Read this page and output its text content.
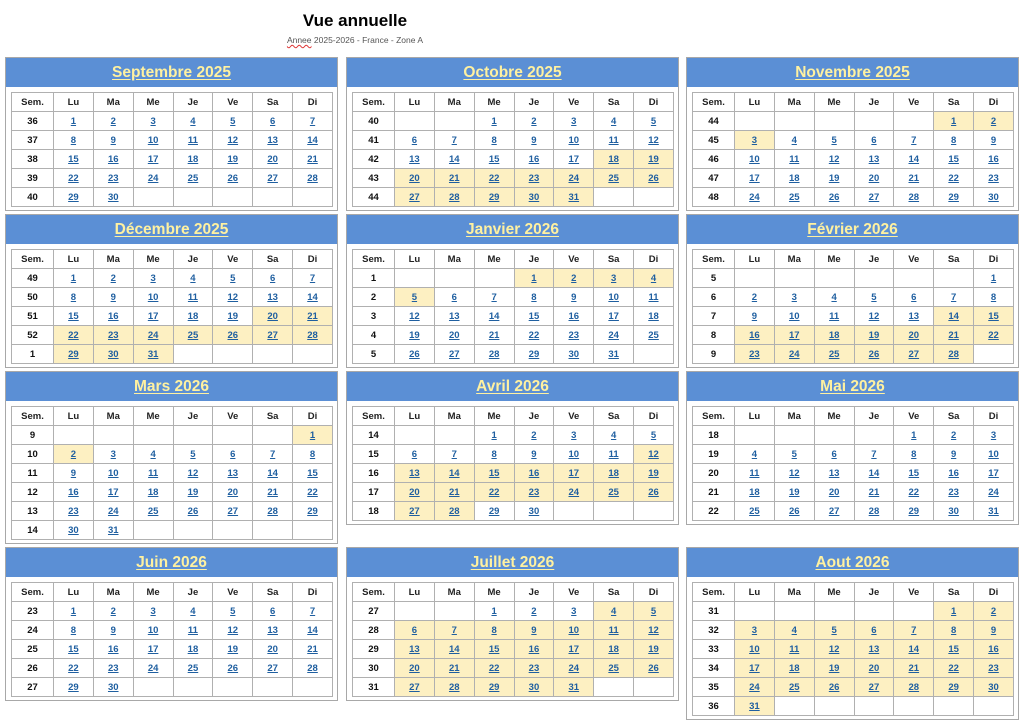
Vue annuelle
Annee 2025-2026 - France - Zone A
Septembre 2025
Sem.	Lu	Ma	Me	Je	Ve	Sa	Di
36	1	2	3	4	5	6	7
37	8	9	10	11	12	13	14
38	15	16	17	18	19	20	21
39	22	23	24	25	26	27	28
40	29	30					
Octobre 2025
Sem.	Lu	Ma	Me	Je	Ve	Sa	Di
40			1	2	3	4	5
41	6	7	8	9	10	11	12
42	13	14	15	16	17	18	19
43	20	21	22	23	24	25	26
44	27	28	29	30	31		
Novembre 2025
Sem.	Lu	Ma	Me	Je	Ve	Sa	Di
44						1	2
45	3	4	5	6	7	8	9
46	10	11	12	13	14	15	16
47	17	18	19	20	21	22	23
48	24	25	26	27	28	29	30
Décembre 2025
Sem.	Lu	Ma	Me	Je	Ve	Sa	Di
49	1	2	3	4	5	6	7
50	8	9	10	11	12	13	14
51	15	16	17	18	19	20	21
52	22	23	24	25	26	27	28
1	29	30	31				
Janvier 2026
Sem.	Lu	Ma	Me	Je	Ve	Sa	Di
1				1	2	3	4
2	5	6	7	8	9	10	11
3	12	13	14	15	16	17	18
4	19	20	21	22	23	24	25
5	26	27	28	29	30	31	
Février 2026
Sem.	Lu	Ma	Me	Je	Ve	Sa	Di
5							1
6	2	3	4	5	6	7	8
7	9	10	11	12	13	14	15
8	16	17	18	19	20	21	22
9	23	24	25	26	27	28	
Mars 2026
Sem.	Lu	Ma	Me	Je	Ve	Sa	Di
9							1
10	2	3	4	5	6	7	8
11	9	10	11	12	13	14	15
12	16	17	18	19	20	21	22
13	23	24	25	26	27	28	29
14	30	31					
Avril 2026
Sem.	Lu	Ma	Me	Je	Ve	Sa	Di
14			1	2	3	4	5
15	6	7	8	9	10	11	12
16	13	14	15	16	17	18	19
17	20	21	22	23	24	25	26
18	27	28	29	30			
Mai 2026
Sem.	Lu	Ma	Me	Je	Ve	Sa	Di
18					1	2	3
19	4	5	6	7	8	9	10
20	11	12	13	14	15	16	17
21	18	19	20	21	22	23	24
22	25	26	27	28	29	30	31
Juin 2026
Sem.	Lu	Ma	Me	Je	Ve	Sa	Di
23	1	2	3	4	5	6	7
24	8	9	10	11	12	13	14
25	15	16	17	18	19	20	21
26	22	23	24	25	26	27	28
27	29	30					
Juillet 2026
Sem.	Lu	Ma	Me	Je	Ve	Sa	Di
27			1	2	3	4	5
28	6	7	8	9	10	11	12
29	13	14	15	16	17	18	19
30	20	21	22	23	24	25	26
31	27	28	29	30	31		
Aout 2026
Sem.	Lu	Ma	Me	Je	Ve	Sa	Di
31						1	2
32	3	4	5	6	7	8	9
33	10	11	12	13	14	15	16
34	17	18	19	20	21	22	23
35	24	25	26	27	28	29	30
36	31						
